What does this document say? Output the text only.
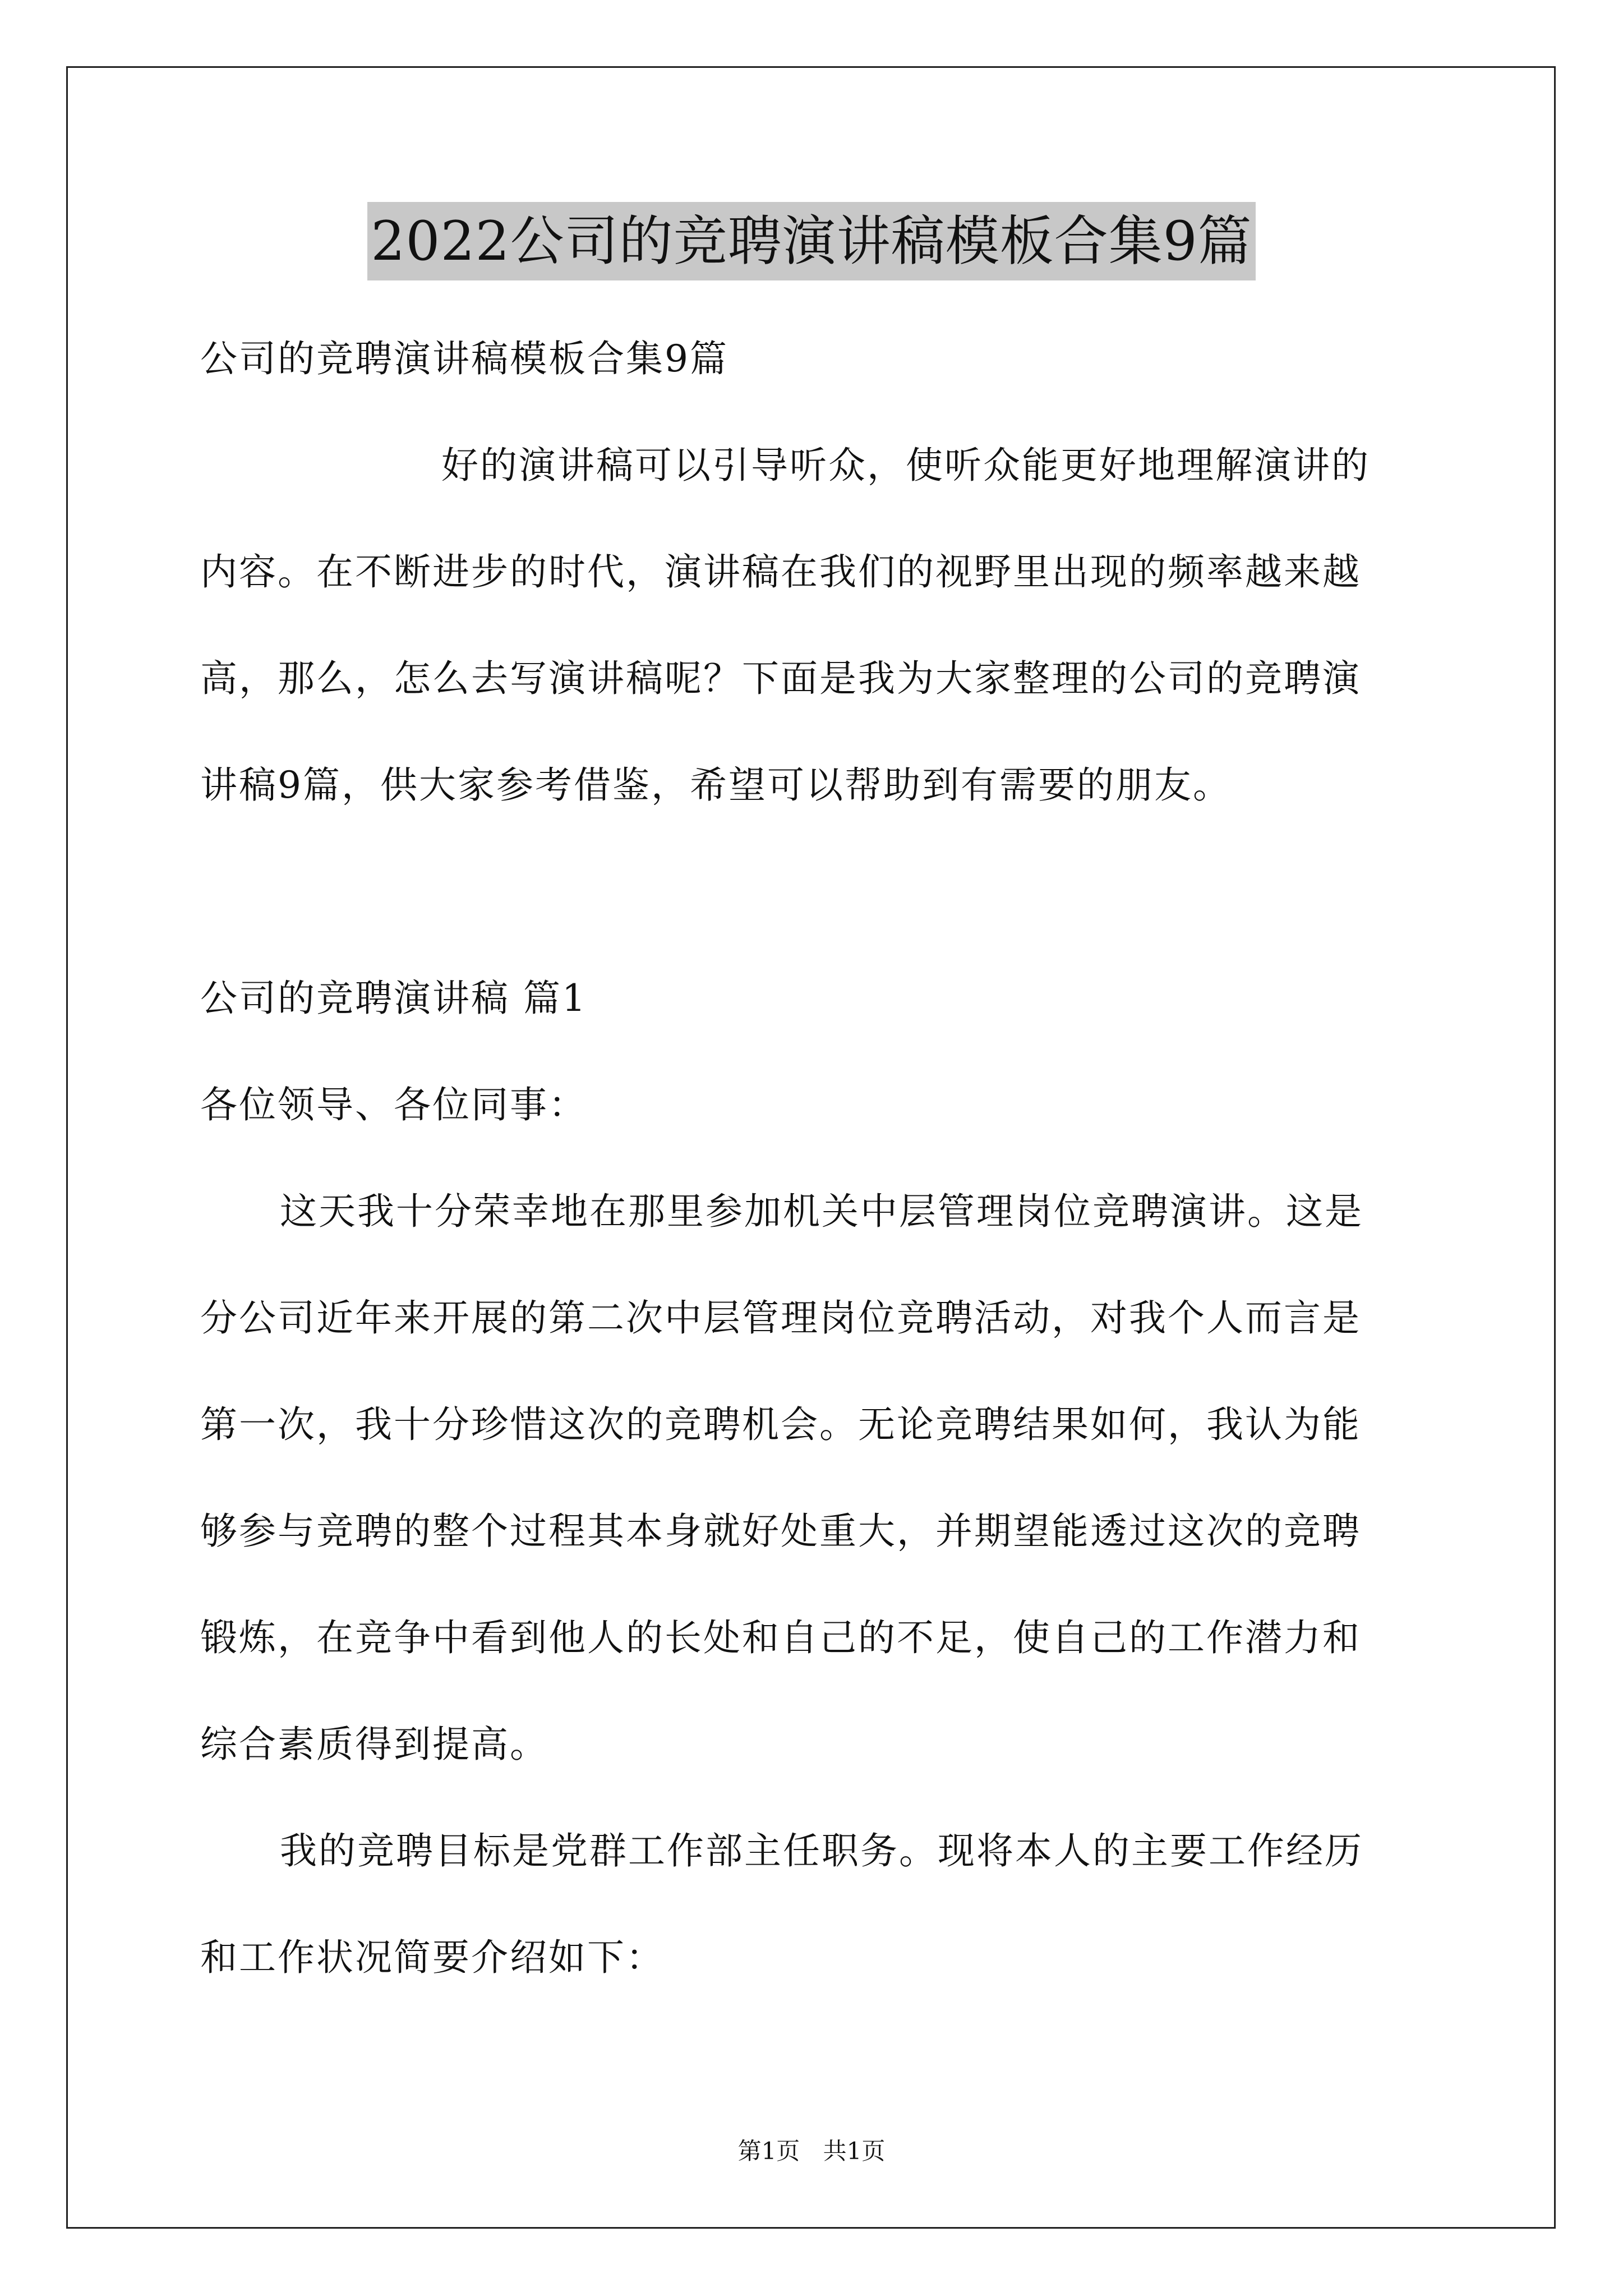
2022公司的竞聘演讲稿模板合集9篇
公司的竞聘演讲稿模板合集9篇
好的演讲稿可以引导听众，使听众能更好地理解演讲的
内容。在不断进步的时代，演讲稿在我们的视野里出现的频率越来越
高，那么，怎么去写演讲稿呢？下面是我为大家整理的公司的竞聘演
讲稿9篇，供大家参考借鉴，希望可以帮助到有需要的朋友。
公司的竞聘演讲稿 篇1
各位领导、各位同事：
这天我十分荣幸地在那里参加机关中层管理岗位竞聘演讲。这是
分公司近年来开展的第二次中层管理岗位竞聘活动，对我个人而言是
第一次，我十分珍惜这次的竞聘机会。无论竞聘结果如何，我认为能
够参与竞聘的整个过程其本身就好处重大，并期望能透过这次的竞聘
锻炼，在竞争中看到他人的长处和自己的不足，使自己的工作潜力和
综合素质得到提高。
我的竞聘目标是党群工作部主任职务。现将本人的主要工作经历
和工作状况简要介绍如下：
第1页 共1页
